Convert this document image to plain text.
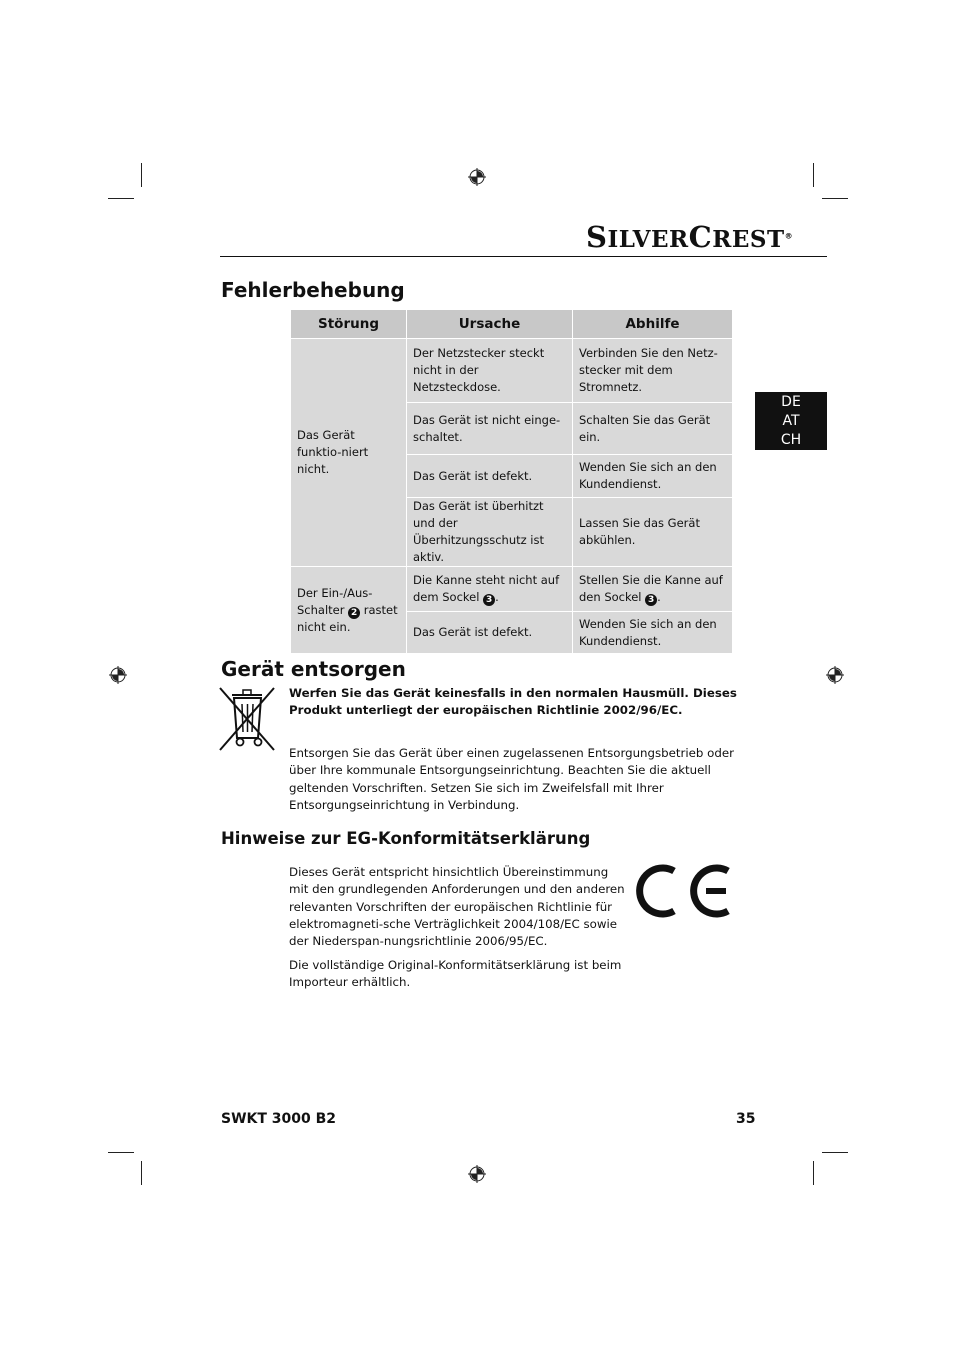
SILVERCREST®
DE
AT
CH
Fehlerbehebung
Störung	Ursache	Abhilfe
Das Gerät funktio-niert nicht.	Der Netzstecker steckt nicht in der Netzsteckdose.	Verbinden Sie den Netz-stecker mit dem Stromnetz.
	Das Gerät ist nicht einge-schaltet.	Schalten Sie das Gerät ein.
	Das Gerät ist defekt.	Wenden Sie sich an den Kundendienst.
	Das Gerät ist überhitzt und der Überhitzungsschutz ist aktiv.	Lassen Sie das Gerät abkühlen.
Der Ein-/Aus-Schalter 2 rastet nicht ein.	Die Kanne steht nicht auf dem Sockel 3 .	Stellen Sie die Kanne auf den Sockel 3 .
	Das Gerät ist defekt.	Wenden Sie sich an den Kundendienst.
Gerät entsorgen
Werfen Sie das Gerät keinesfalls in den normalen Hausmüll. Dieses Produkt unterliegt der europäischen Richtlinie 2002/96/EC.
Entsorgen Sie das Gerät über einen zugelassenen Entsorgungsbetrieb oder über Ihre kommunale Entsorgungseinrichtung. Beachten Sie die aktuell geltenden Vorschriften. Setzen Sie sich im Zweifelsfall mit Ihrer Entsorgungseinrichtung in Verbindung.
Hinweise zur EG-Konformitätserklärung
Dieses Gerät entspricht hinsichtlich Übereinstimmung mit den grundlegenden Anforderungen und den anderen relevanten Vorschriften der europäischen Richtlinie für elektromagneti-sche Verträglichkeit 2004/108/EC sowie der Niederspan-nungsrichtlinie 2006/95/EC.
Die vollständige Original-Konformitätserklärung ist beim Importeur erhältlich.
SWKT 3000 B2	35
